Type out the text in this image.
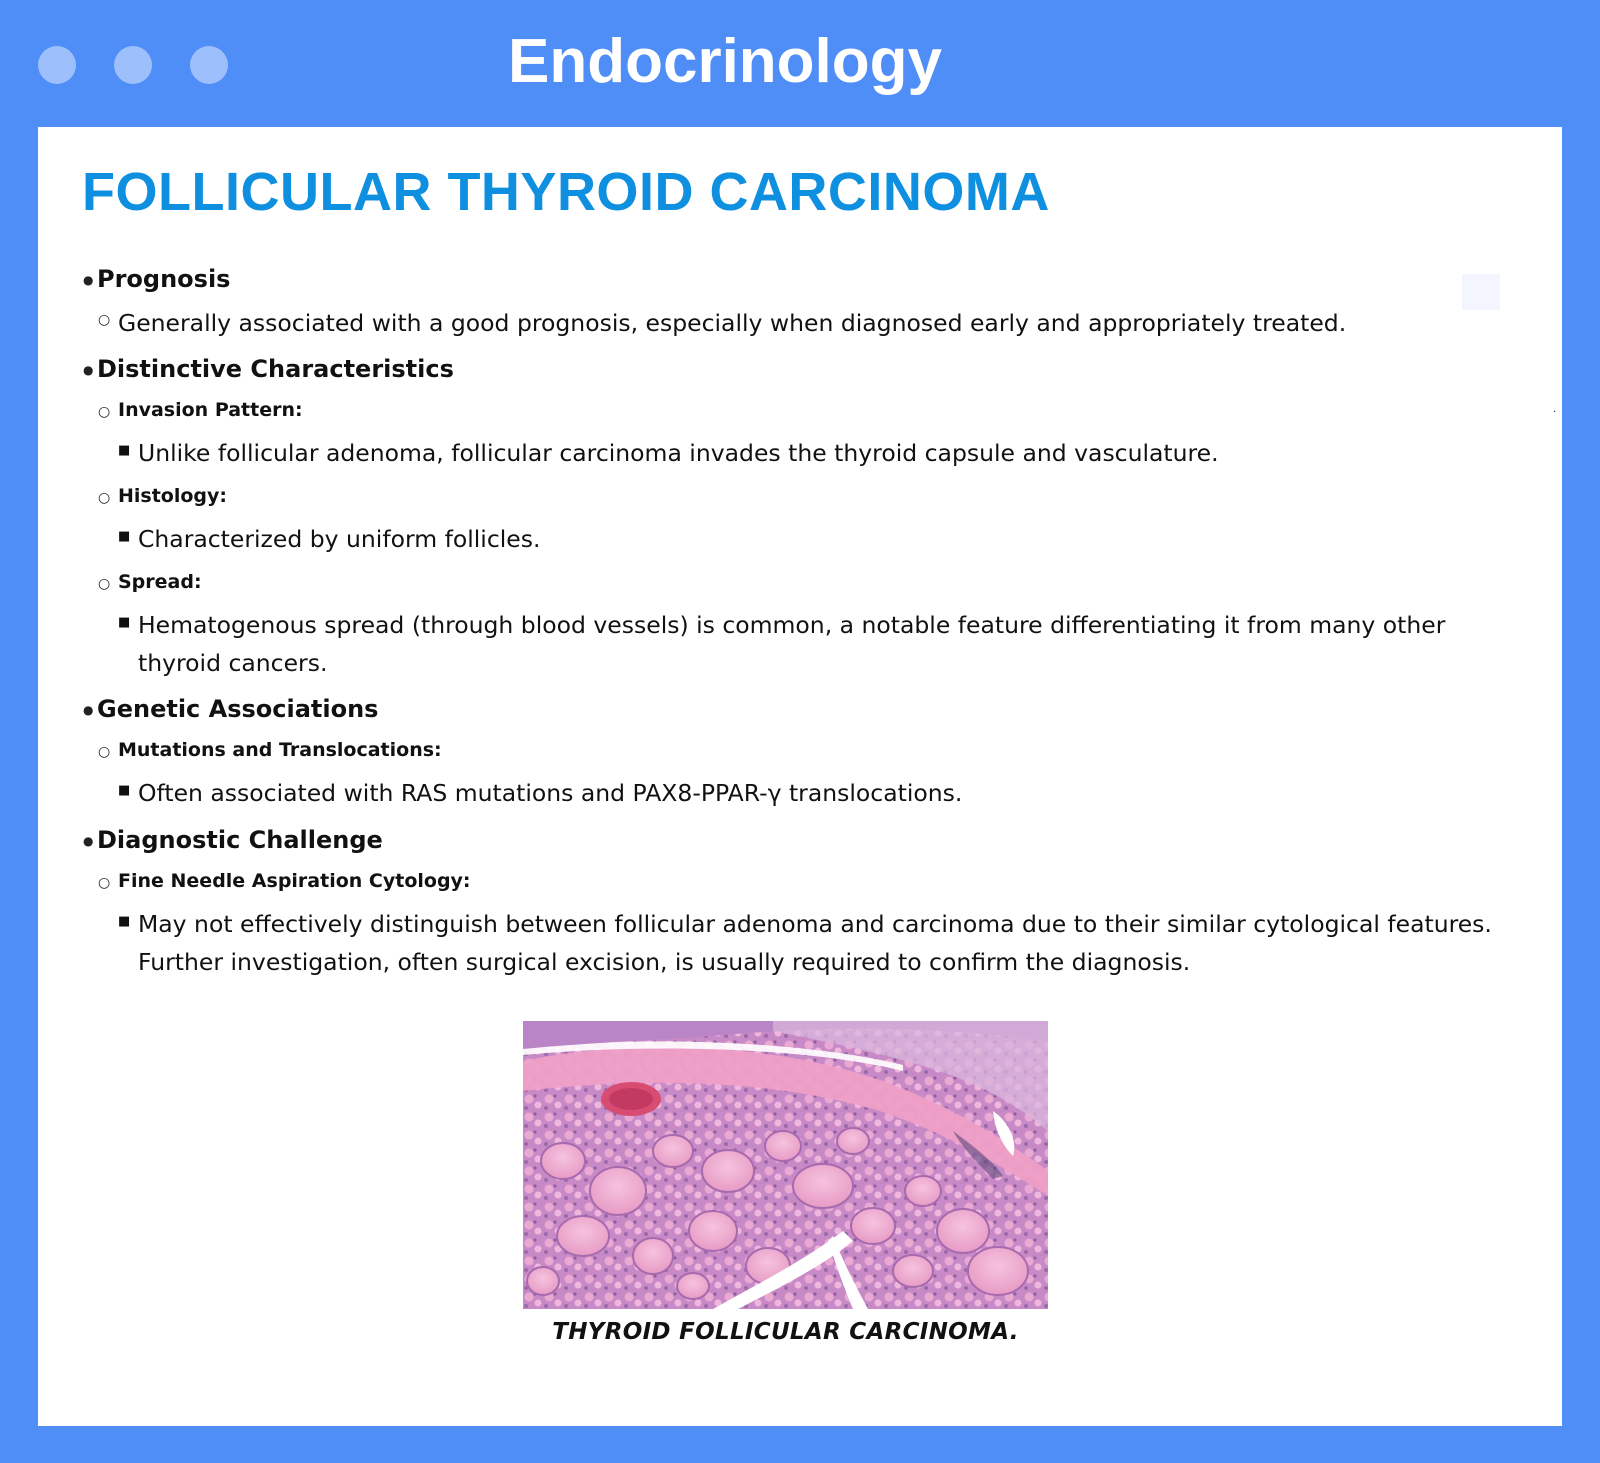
Endocrinology
FOLLICULAR THYROID CARCINOMA
·
● Prognosis
○ Generally associated with a good prognosis, especially when diagnosed early and appropriately treated.
● Distinctive Characteristics
○ Invasion Pattern:
■ Unlike follicular adenoma, follicular carcinoma invades the thyroid capsule and vasculature.
○ Histology:
■ Characterized by uniform follicles.
○ Spread:
■ Hematogenous spread (through blood vessels) is common, a notable feature differentiating it from many other
thyroid cancers.
● Genetic Associations
○ Mutations and Translocations:
■ Often associated with RAS mutations and PAX8-PPAR-γ translocations.
● Diagnostic Challenge
○ Fine Needle Aspiration Cytology:
■ May not effectively distinguish between follicular adenoma and carcinoma due to their similar cytological features.
Further investigation, often surgical excision, is usually required to confirm the diagnosis.
THYROID FOLLICULAR CARCINOMA.
